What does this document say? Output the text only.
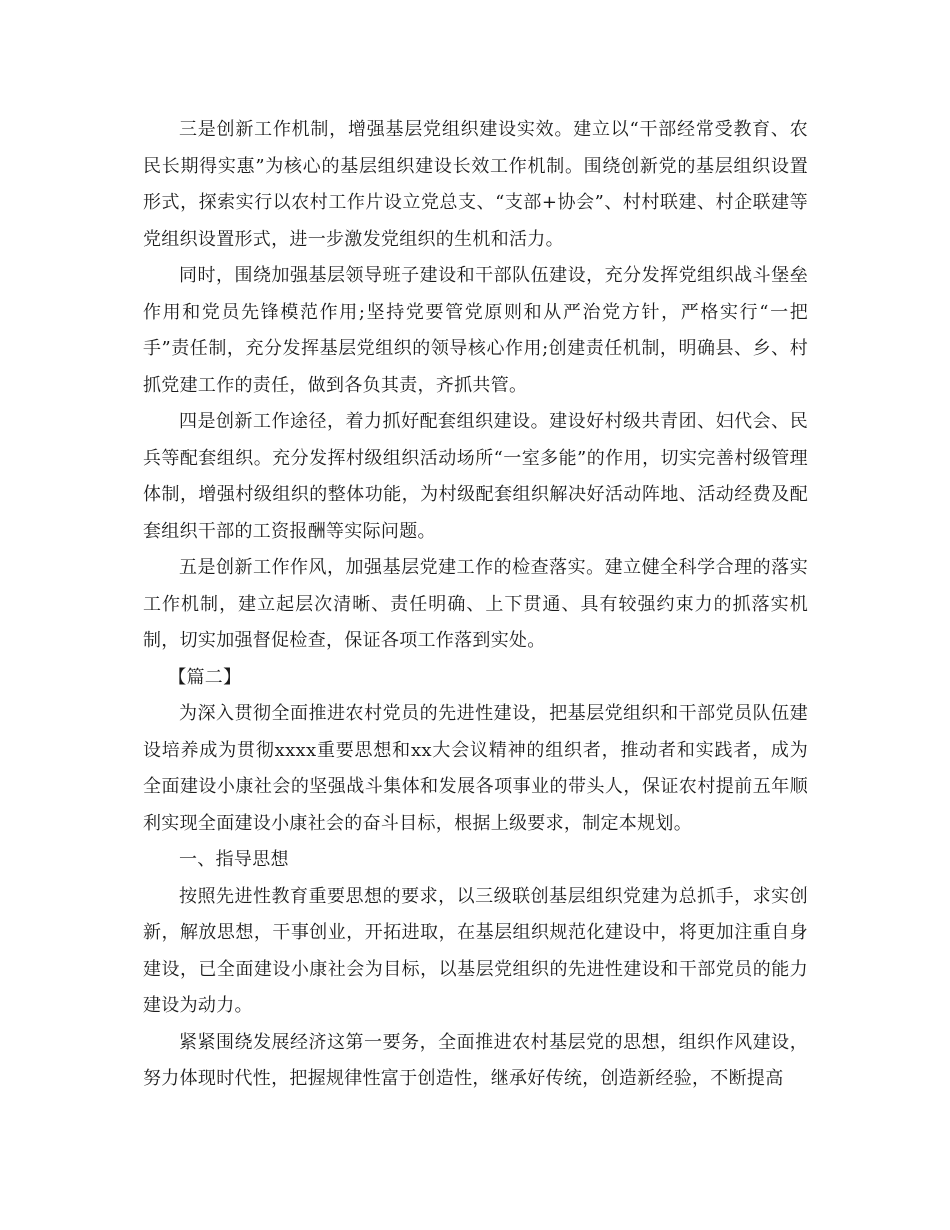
三是创新工作机制，增强基层党组织建设实效。建立以“干部经常受教育、农民长期得实惠”为核心的基层组织建设长效工作机制。围绕创新党的基层组织设置形式，探索实行以农村工作片设立党总支、“支部+协会”、村村联建、村企联建等党组织设置形式，进一步激发党组织的生机和活力。

同时，围绕加强基层领导班子建设和干部队伍建设，充分发挥党组织战斗堡垒作用和党员先锋模范作用;坚持党要管党原则和从严治党方针，严格实行“一把手”责任制，充分发挥基层党组织的领导核心作用;创建责任机制，明确县、乡、村抓党建工作的责任，做到各负其责，齐抓共管。

四是创新工作途径，着力抓好配套组织建设。建设好村级共青团、妇代会、民兵等配套组织。充分发挥村级组织活动场所“一室多能”的作用，切实完善村级管理体制，增强村级组织的整体功能，为村级配套组织解决好活动阵地、活动经费及配套组织干部的工资报酬等实际问题。

五是创新工作作风，加强基层党建工作的检查落实。建立健全科学合理的落实工作机制，建立起层次清晰、责任明确、上下贯通、具有较强约束力的抓落实机制，切实加强督促检查，保证各项工作落到实处。

【篇二】

为深入贯彻全面推进农村党员的先进性建设，把基层党组织和干部党员队伍建设培养成为贯彻xxxx重要思想和xx大会议精神的组织者，推动者和实践者，成为全面建设小康社会的坚强战斗集体和发展各项事业的带头人，保证农村提前五年顺利实现全面建设小康社会的奋斗目标，根据上级要求，制定本规划。

一、指导思想

按照先进性教育重要思想的要求，以三级联创基层组织党建为总抓手，求实创新，解放思想，干事创业，开拓进取，在基层组织规范化建设中，将更加注重自身建设，已全面建设小康社会为目标，以基层党组织的先进性建设和干部党员的能力建设为动力。

紧紧围绕发展经济这第一要务，全面推进农村基层党的思想，组织作风建设，努力体现时代性，把握规律性富于创造性，继承好传统，创造新经验，不断提高
